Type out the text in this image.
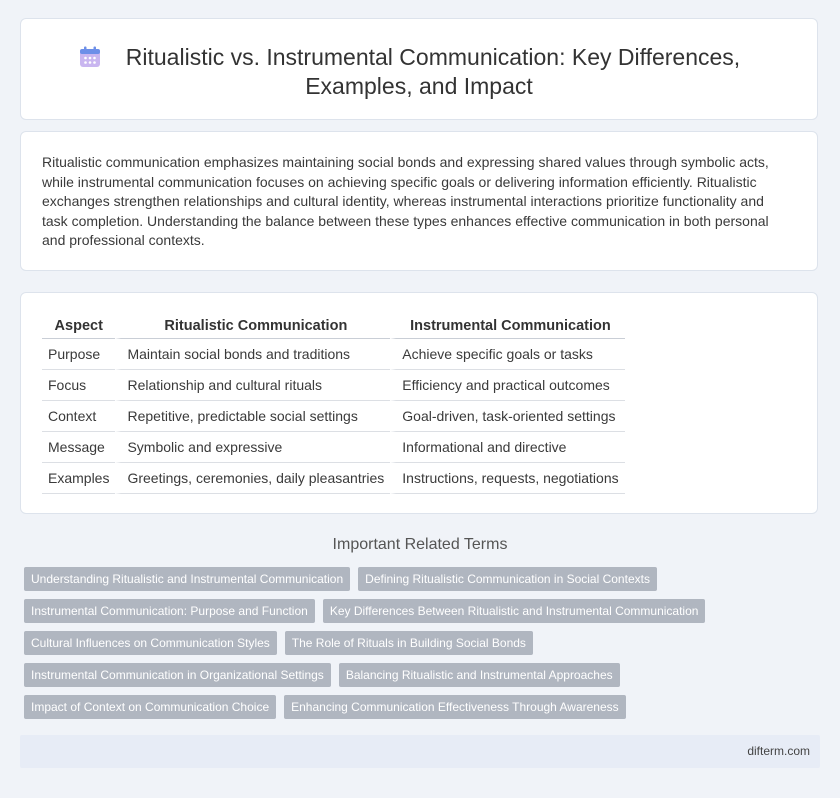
Ritualistic vs. Instrumental Communication: Key Differences,
Examples, and Impact
Ritualistic communication emphasizes maintaining social bonds and expressing shared values through symbolic acts, while instrumental communication focuses on achieving specific goals or delivering information efficiently. Ritualistic exchanges strengthen relationships and cultural identity, whereas instrumental interactions prioritize functionality and task completion. Understanding the balance between these types enhances effective communication in both personal and professional contexts.
Aspect	Ritualistic Communication	Instrumental Communication
Purpose	Maintain social bonds and traditions	Achieve specific goals or tasks
Focus	Relationship and cultural rituals	Efficiency and practical outcomes
Context	Repetitive, predictable social settings	Goal-driven, task-oriented settings
Message	Symbolic and expressive	Informational and directive
Examples	Greetings, ceremonies, daily pleasantries	Instructions, requests, negotiations
Important Related Terms
Understanding Ritualistic and Instrumental Communication	Defining Ritualistic Communication in Social Contexts
Instrumental Communication: Purpose and Function	Key Differences Between Ritualistic and Instrumental Communication
Cultural Influences on Communication Styles	The Role of Rituals in Building Social Bonds
Instrumental Communication in Organizational Settings	Balancing Ritualistic and Instrumental Approaches
Impact of Context on Communication Choice	Enhancing Communication Effectiveness Through Awareness
difterm.com
